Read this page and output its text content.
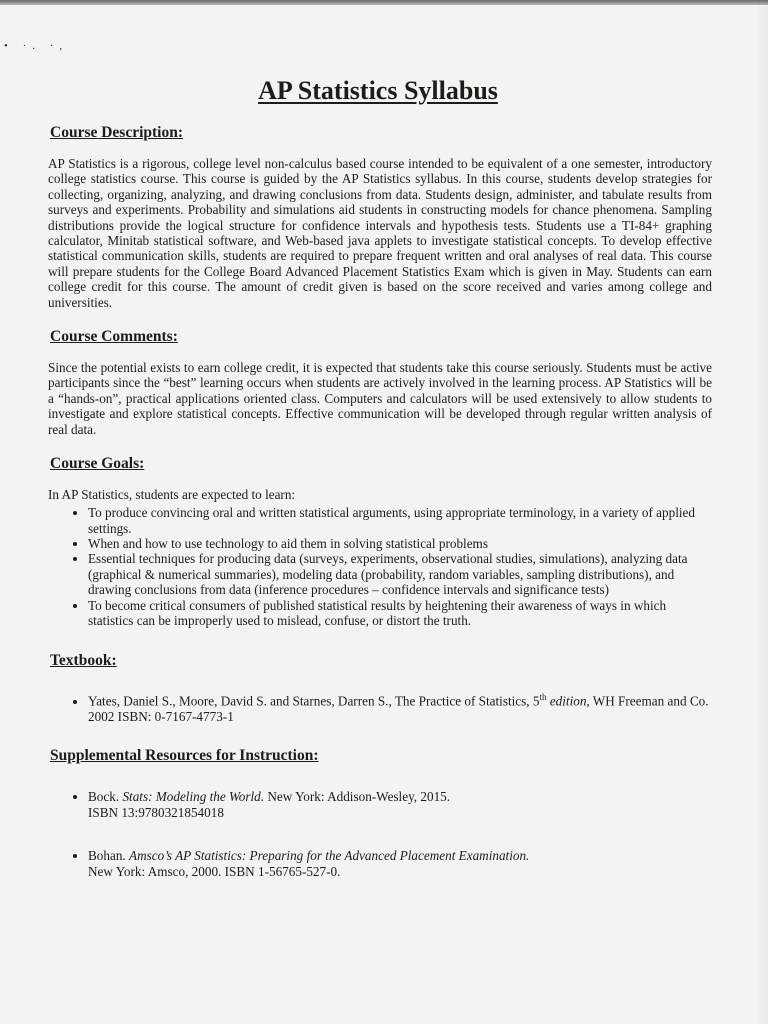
• ·. ·,
AP Statistics Syllabus
Course Description:
AP Statistics is a rigorous, college level non-calculus based course intended to be equivalent of a one semester, introductory college statistics course. This course is guided by the AP Statistics syllabus. In this course, students develop strategies for collecting, organizing, analyzing, and drawing conclusions from data. Students design, administer, and tabulate results from surveys and experiments. Probability and simulations aid students in constructing models for chance phenomena. Sampling distributions provide the logical structure for confidence intervals and hypothesis tests. Students use a TI-84+ graphing calculator, Minitab statistical software, and Web-based java applets to investigate statistical concepts. To develop effective statistical communication skills, students are required to prepare frequent written and oral analyses of real data. This course will prepare students for the College Board Advanced Placement Statistics Exam which is given in May. Students can earn college credit for this course. The amount of credit given is based on the score received and varies among college and universities.
Course Comments:
Since the potential exists to earn college credit, it is expected that students take this course seriously. Students must be active participants since the “best” learning occurs when students are actively involved in the learning process. AP Statistics will be a “hands-on”, practical applications oriented class. Computers and calculators will be used extensively to allow students to investigate and explore statistical concepts. Effective communication will be developed through regular written analysis of real data.
Course Goals:
In AP Statistics, students are expected to learn:
• To produce convincing oral and written statistical arguments, using appropriate terminology, in a variety of applied settings.
• When and how to use technology to aid them in solving statistical problems
• Essential techniques for producing data (surveys, experiments, observational studies, simulations), analyzing data (graphical & numerical summaries), modeling data (probability, random variables, sampling distributions), and drawing conclusions from data (inference procedures – confidence intervals and significance tests)
• To become critical consumers of published statistical results by heightening their awareness of ways in which statistics can be improperly used to mislead, confuse, or distort the truth.
Textbook:
• Yates, Daniel S., Moore, David S. and Starnes, Darren S., The Practice of Statistics, 5th edition, WH Freeman and Co. 2002 ISBN: 0-7167-4773-1
Supplemental Resources for Instruction:
• Bock. Stats: Modeling the World. New York: Addison-Wesley, 2015.
ISBN 13:9780321854018
• Bohan. Amsco’s AP Statistics: Preparing for the Advanced Placement Examination.
New York: Amsco, 2000. ISBN 1-56765-527-0.
